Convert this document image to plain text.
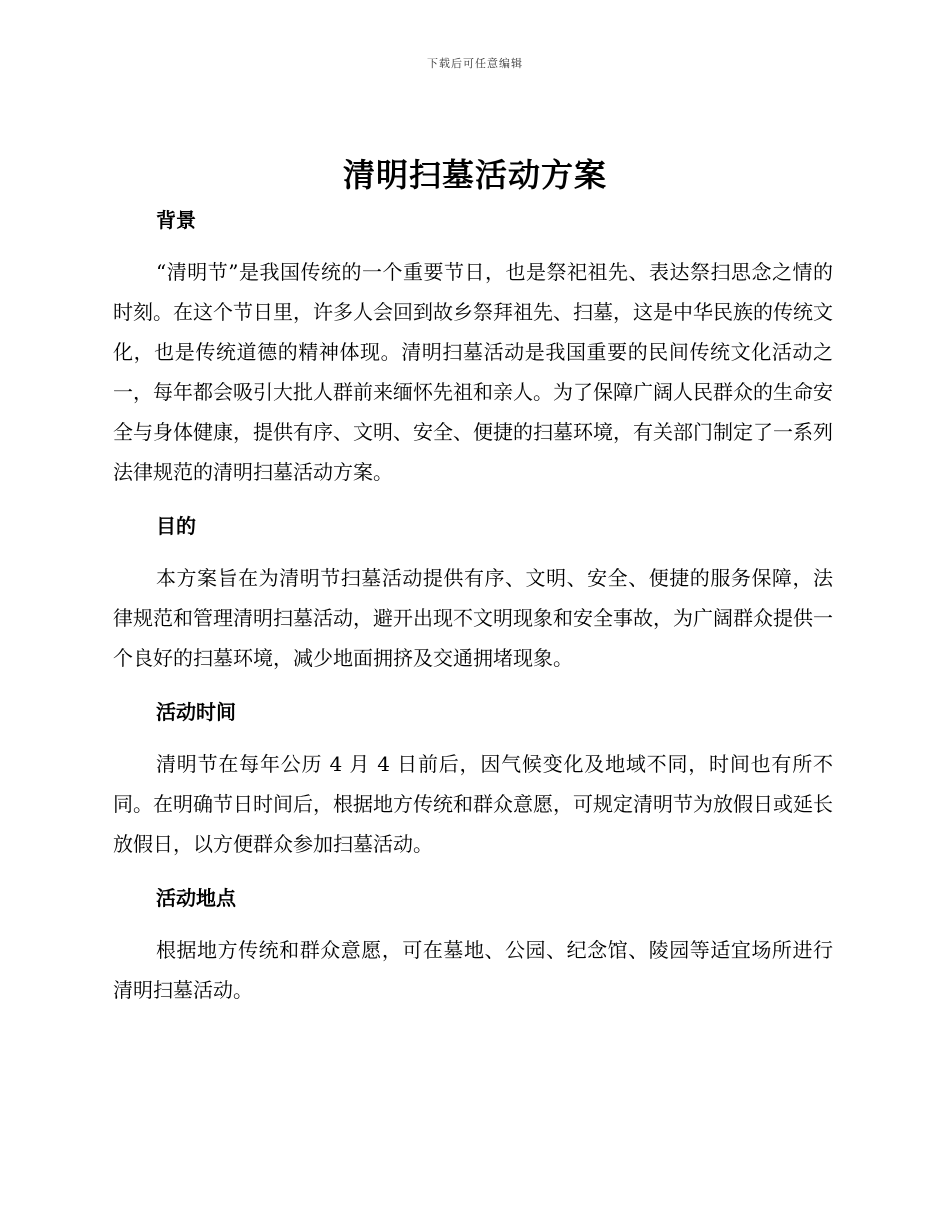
下载后可任意编辑
清明扫墓活动方案
背景

“清明节”是我国传统的一个重要节日，也是祭祀祖先、表达祭扫思念之情的时刻。在这个节日里，许多人会回到故乡祭拜祖先、扫墓，这是中华民族的传统文化，也是传统道德的精神体现。清明扫墓活动是我国重要的民间传统文化活动之一，每年都会吸引大批人群前来缅怀先祖和亲人。为了保障广阔人民群众的生命安全与身体健康，提供有序、文明、安全、便捷的扫墓环境，有关部门制定了一系列法律规范的清明扫墓活动方案。

目的

本方案旨在为清明节扫墓活动提供有序、文明、安全、便捷的服务保障，法律规范和管理清明扫墓活动，避开出现不文明现象和安全事故，为广阔群众提供一个良好的扫墓环境，减少地面拥挤及交通拥堵现象。

活动时间

清明节在每年公历 4 月 4 日前后，因气候变化及地域不同，时间也有所不同。在明确节日时间后，根据地方传统和群众意愿，可规定清明节为放假日或延长放假日，以方便群众参加扫墓活动。

活动地点

根据地方传统和群众意愿，可在墓地、公园、纪念馆、陵园等适宜场所进行清明扫墓活动。
